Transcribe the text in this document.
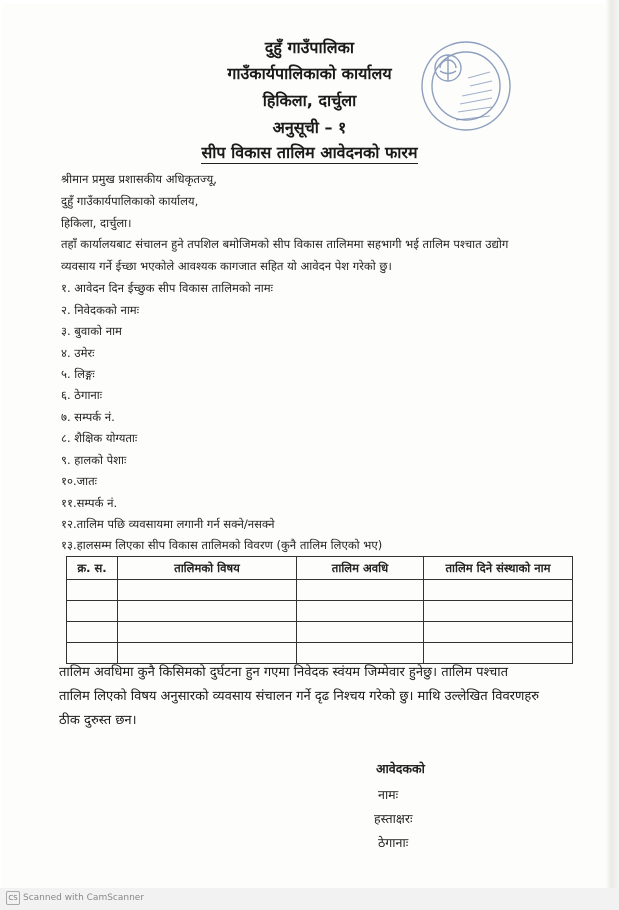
दुहुँ गाउँपालिका
गाउँकार्यपालिकाको कार्यालय
हिकिला, दार्चुला
अनुसूची – १
सीप विकास तालिम आवेदनको फारम
श्रीमान प्रमुख प्रशासकीय अधिकृतज्यू,
दुहुँ गाउँकार्यपालिकाको कार्यालय,
हिकिला, दार्चुला।
तहाँ कार्यालयबाट संचालन हुने तपशिल बमोजिमको सीप विकास तालिममा सहभागी भई तालिम पश्चात उद्योग
व्यवसाय गर्ने ईच्छा भएकोले आवश्यक कागजात सहित यो आवेदन पेश गरेको छु।
१. आवेदन दिन ईच्छुक सीप विकास तालिमको नामः
२. निवेदकको नामः
३. बुवाको नाम
४. उमेरः
५. लिङ्गः
६. ठेगानाः
७. सम्पर्क नं.
८. शैक्षिक योग्यताः
९. हालको पेशाः
१०.जातः
११.सम्पर्क नं.
१२.तालिम पछि व्यवसायमा लगानी गर्न सक्ने/नसक्ने
१३.हालसम्म लिएका सीप विकास तालिमको विवरण (कुनै तालिम लिएको भए)
क्र. स.	तालिमको विषय	तालिम अवधि	तालिम दिने संस्थाको नाम

तालिम अवधिमा कुनै किसिमको दुर्घटना हुन गएमा निवेदक स्वंयम जिम्मेवार हुनेछु। तालिम पश्चात
तालिम लिएको विषय अनुसारको व्यवसाय संचालन गर्ने दृढ निश्चय गरेको छु। माथि उल्लेखित विवरणहरु
ठीक दुरुस्त छन।
आवेदकको
नामः
हस्ताक्षरः
ठेगानाः
CS Scanned with CamScanner
